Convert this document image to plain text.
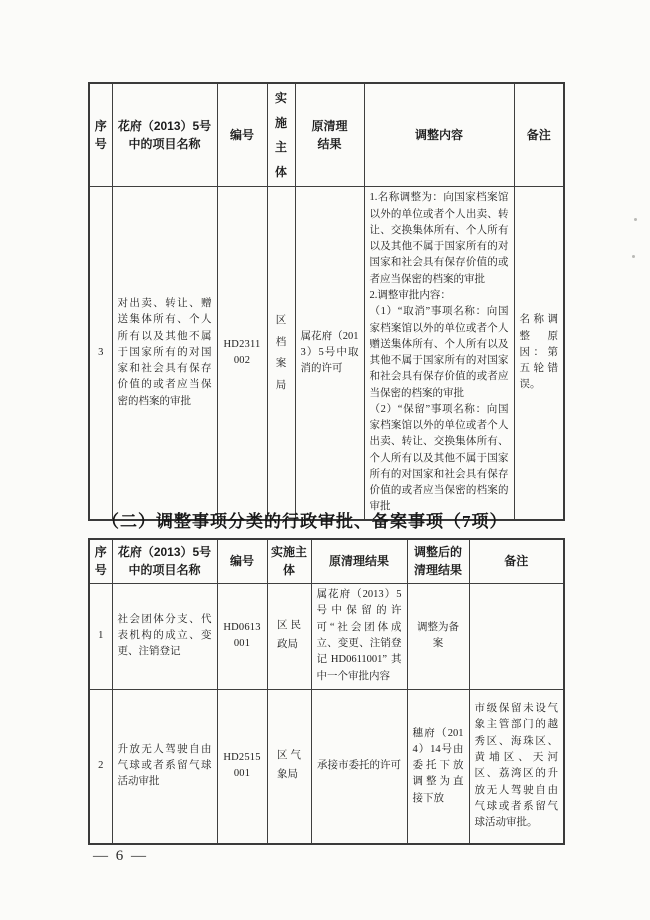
序号	花府（2013）5号 中的项目名称	编号	实施主体	原清理结果	调整内容	备注
3	对出卖、转让、赠送集体所有、个人所有以及其他不属于国家所有的对国家和社会具有保存价值的或者应当保密的档案的审批	HD2311002	区档案局	属花府（2013）5号中取消的许可	1.名称调整为：向国家档案馆以外的单位或者个人出卖、转让、交换集体所有、个人所有以及其他不属于国家所有的对国家和社会具有保存价值的或者应当保密的档案的审批

2.调整审批内容：

（1）“取消”事项名称：向国家档案馆以外的单位或者个人赠送集体所有、个人所有以及其他不属于国家所有的对国家和社会具有保存价值的或者应当保密的档案的审批

（2）“保留”事项名称：向国家档案馆以外的单位或者个人出卖、转让、交换集体所有、个人所有以及其他不属于国家所有的对国家和社会具有保存价值的或者应当保密的档案的审批	名称调整原因：第五轮错误。
（二）调整事项分类的行政审批、备案事项（7项）
序号	花府（2013）5号 中的项目名称	编号	实施主体	原清理结果	调整后的清理结果	备注
1	社会团体分支、代表机构的成立、变更、注销登记	HD0613001	区民政局	属花府（2013）5号中保留的许可“社会团体成立、变更、注销登记HD0611001”其中一个审批内容	调整为备案	
2	升放无人驾驶自由气球或者系留气球活动审批	HD2515001	区气象局	承接市委托的许可	穗府（2014）14号由委托下放调整为直接下放	市级保留未设气象主管部门的越秀区、海珠区、黄埔区、天河区、荔湾区的升放无人驾驶自由气球或者系留气球活动审批。
— 6 —
